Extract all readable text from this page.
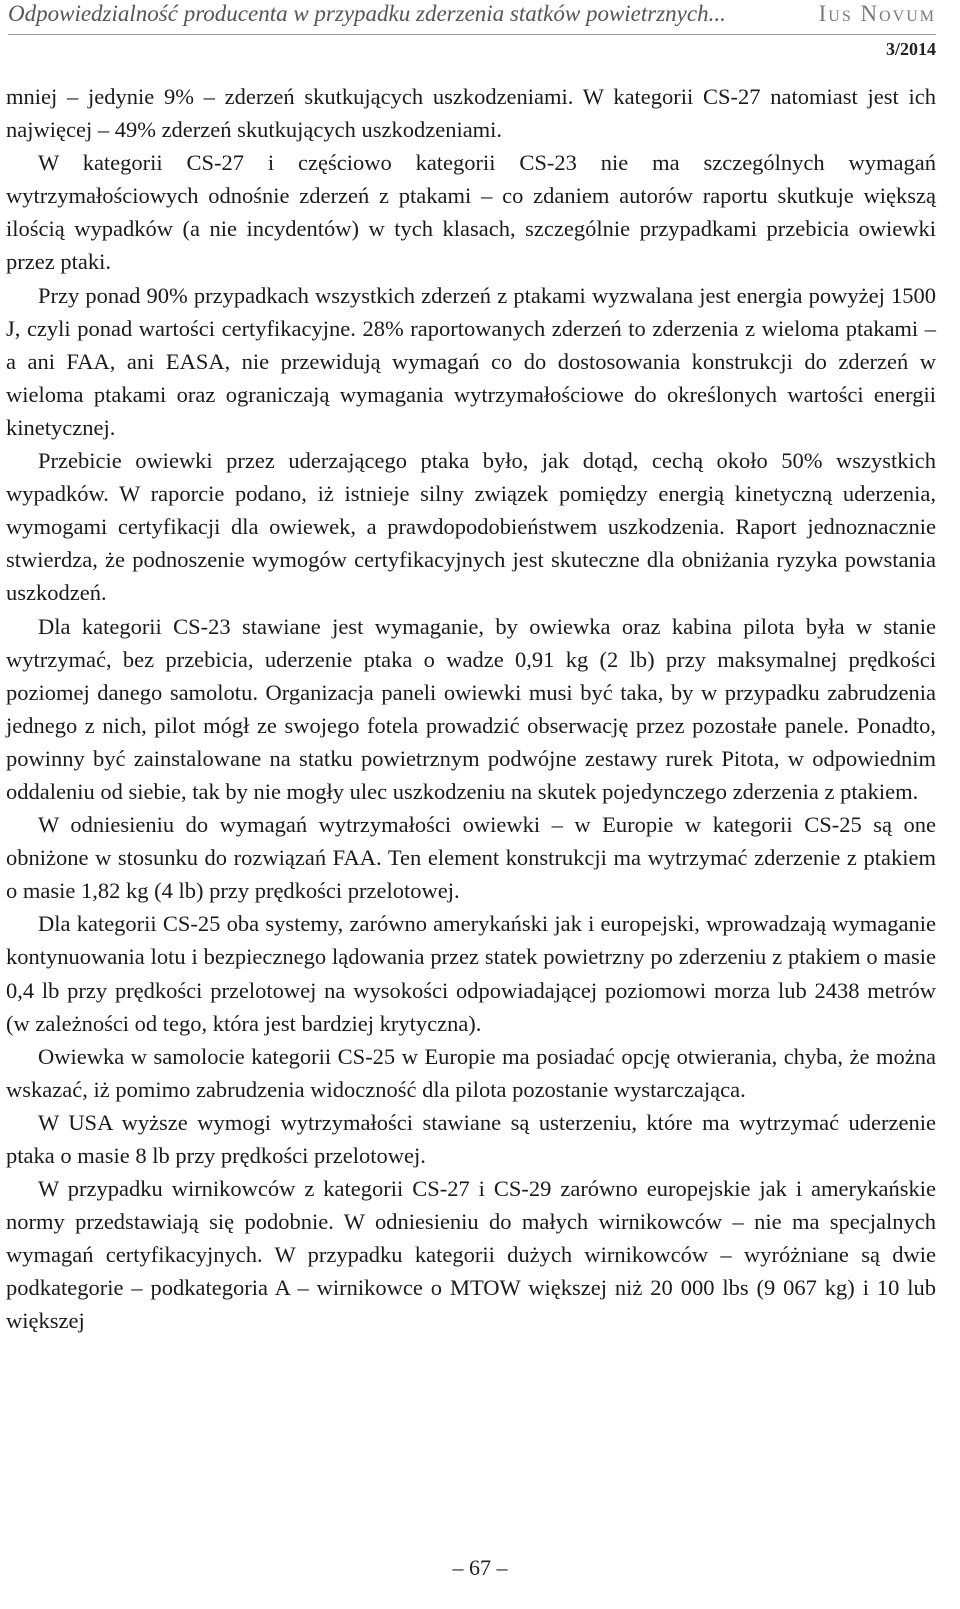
Odpowiedzialność producenta w przypadku zderzenia statków powietrznych...	Ius Novum
3/2014

mniej – jedynie 9% – zderzeń skutkujących uszkodzeniami. W kategorii CS-27 natomiast jest ich najwięcej – 49% zderzeń skutkujących uszkodzeniami.

W kategorii CS-27 i częściowo kategorii CS-23 nie ma szczególnych wymagań wytrzymałościowych odnośnie zderzeń z ptakami – co zdaniem autorów raportu skutkuje większą ilością wypadków (a nie incydentów) w tych klasach, szczególnie przypadkami przebicia owiewki przez ptaki.

Przy ponad 90% przypadkach wszystkich zderzeń z ptakami wyzwalana jest energia powyżej 1500 J, czyli ponad wartości certyfikacyjne. 28% raportowanych zderzeń to zderzenia z wieloma ptakami – a ani FAA, ani EASA, nie przewidują wymagań co do dostosowania konstrukcji do zderzeń w wieloma ptakami oraz ograniczają wymagania wytrzymałościowe do określonych wartości energii kinetycznej.

Przebicie owiewki przez uderzającego ptaka było, jak dotąd, cechą około 50% wszystkich wypadków. W raporcie podano, iż istnieje silny związek pomiędzy energią kinetyczną uderzenia, wymogami certyfikacji dla owiewek, a prawdopodobieństwem uszkodzenia. Raport jednoznacznie stwierdza, że podnoszenie wymogów certyfikacyjnych jest skuteczne dla obniżania ryzyka powstania uszkodzeń.

Dla kategorii CS-23 stawiane jest wymaganie, by owiewka oraz kabina pilota była w stanie wytrzymać, bez przebicia, uderzenie ptaka o wadze 0,91 kg (2 lb) przy maksymalnej prędkości poziomej danego samolotu. Organizacja paneli owiewki musi być taka, by w przypadku zabrudzenia jednego z nich, pilot mógł ze swojego fotela prowadzić obserwację przez pozostałe panele. Ponadto, powinny być zainstalowane na statku powietrznym podwójne zestawy rurek Pitota, w odpowiednim oddaleniu od siebie, tak by nie mogły ulec uszkodzeniu na skutek pojedynczego zderzenia z ptakiem.

W odniesieniu do wymagań wytrzymałości owiewki – w Europie w kategorii CS-25 są one obniżone w stosunku do rozwiązań FAA. Ten element konstrukcji ma wytrzymać zderzenie z ptakiem o masie 1,82 kg (4 lb) przy prędkości przelotowej.

Dla kategorii CS-25 oba systemy, zarówno amerykański jak i europejski, wprowadzają wymaganie kontynuowania lotu i bezpiecznego lądowania przez statek powietrzny po zderzeniu z ptakiem o masie 0,4 lb przy prędkości przelotowej na wysokości odpowiadającej poziomowi morza lub 2438 metrów (w zależności od tego, która jest bardziej krytyczna).

Owiewka w samolocie kategorii CS-25 w Europie ma posiadać opcję otwierania, chyba, że można wskazać, iż pomimo zabrudzenia widoczność dla pilota pozostanie wystarczająca.

W USA wyższe wymogi wytrzymałości stawiane są usterzeniu, które ma wytrzymać uderzenie ptaka o masie 8 lb przy prędkości przelotowej.

W przypadku wirnikowców z kategorii CS-27 i CS-29 zarówno europejskie jak i amerykańskie normy przedstawiają się podobnie. W odniesieniu do małych wirnikowców – nie ma specjalnych wymagań certyfikacyjnych. W przypadku kategorii dużych wirnikowców – wyróżniane są dwie podkategorie – podkategoria A – wirnikowce o MTOW większej niż 20 000 lbs (9 067 kg) i 10 lub większej

– 67 –
